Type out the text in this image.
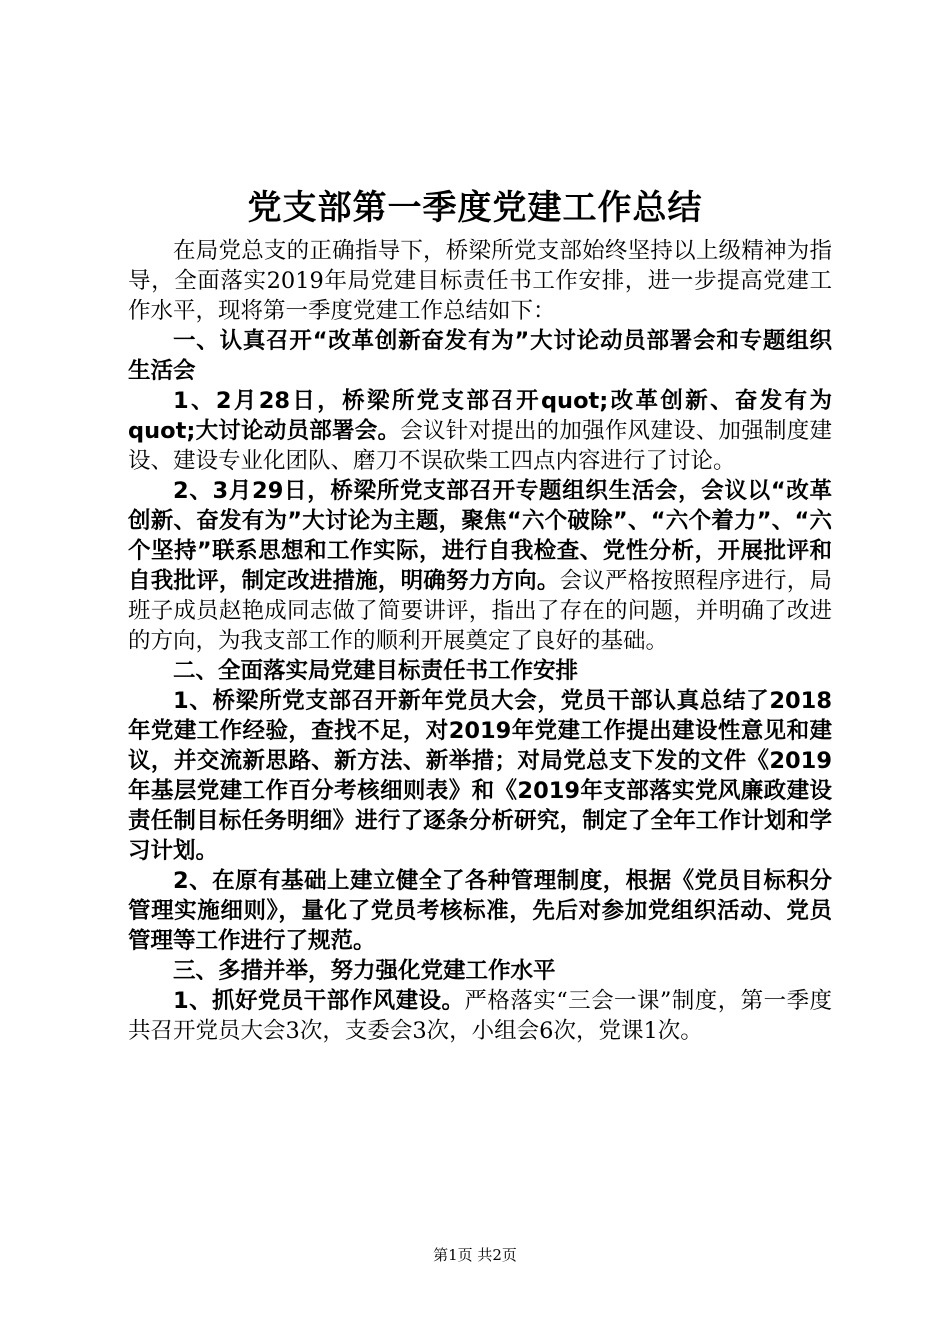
党支部第一季度党建工作总结

在局党总支的正确指导下，桥梁所党支部始终坚持以上级精神为指导，全面落实2019年局党建目标责任书工作安排，进一步提高党建工作水平，现将第一季度党建工作总结如下：

一、认真召开“改革创新奋发有为”大讨论动员部署会和专题组织生活会

1、2月28日，桥梁所党支部召开quot;改革创新、奋发有为quot;大讨论动员部署会。会议针对提出的加强作风建设、加强制度建设、建设专业化团队、磨刀不误砍柴工四点内容进行了讨论。

2、3月29日，桥梁所党支部召开专题组织生活会，会议以“改革创新、奋发有为”大讨论为主题，聚焦“六个破除”、“六个着力”、“六个坚持”联系思想和工作实际，进行自我检查、党性分析，开展批评和自我批评，制定改进措施，明确努力方向。会议严格按照程序进行，局班子成员赵艳成同志做了简要讲评，指出了存在的问题，并明确了改进的方向，为我支部工作的顺利开展奠定了良好的基础。

二、全面落实局党建目标责任书工作安排

1、桥梁所党支部召开新年党员大会，党员干部认真总结了2018年党建工作经验，查找不足，对2019年党建工作提出建设性意见和建议，并交流新思路、新方法、新举措；对局党总支下发的文件《2019年基层党建工作百分考核细则表》和《2019年支部落实党风廉政建设责任制目标任务明细》进行了逐条分析研究，制定了全年工作计划和学习计划。

2、在原有基础上建立健全了各种管理制度，根据《党员目标积分管理实施细则》，量化了党员考核标准，先后对参加党组织活动、党员管理等工作进行了规范。

三、多措并举，努力强化党建工作水平

1、抓好党员干部作风建设。严格落实“三会一课”制度，第一季度共召开党员大会3次，支委会3次，小组会6次，党课1次。

第1页 共2页
